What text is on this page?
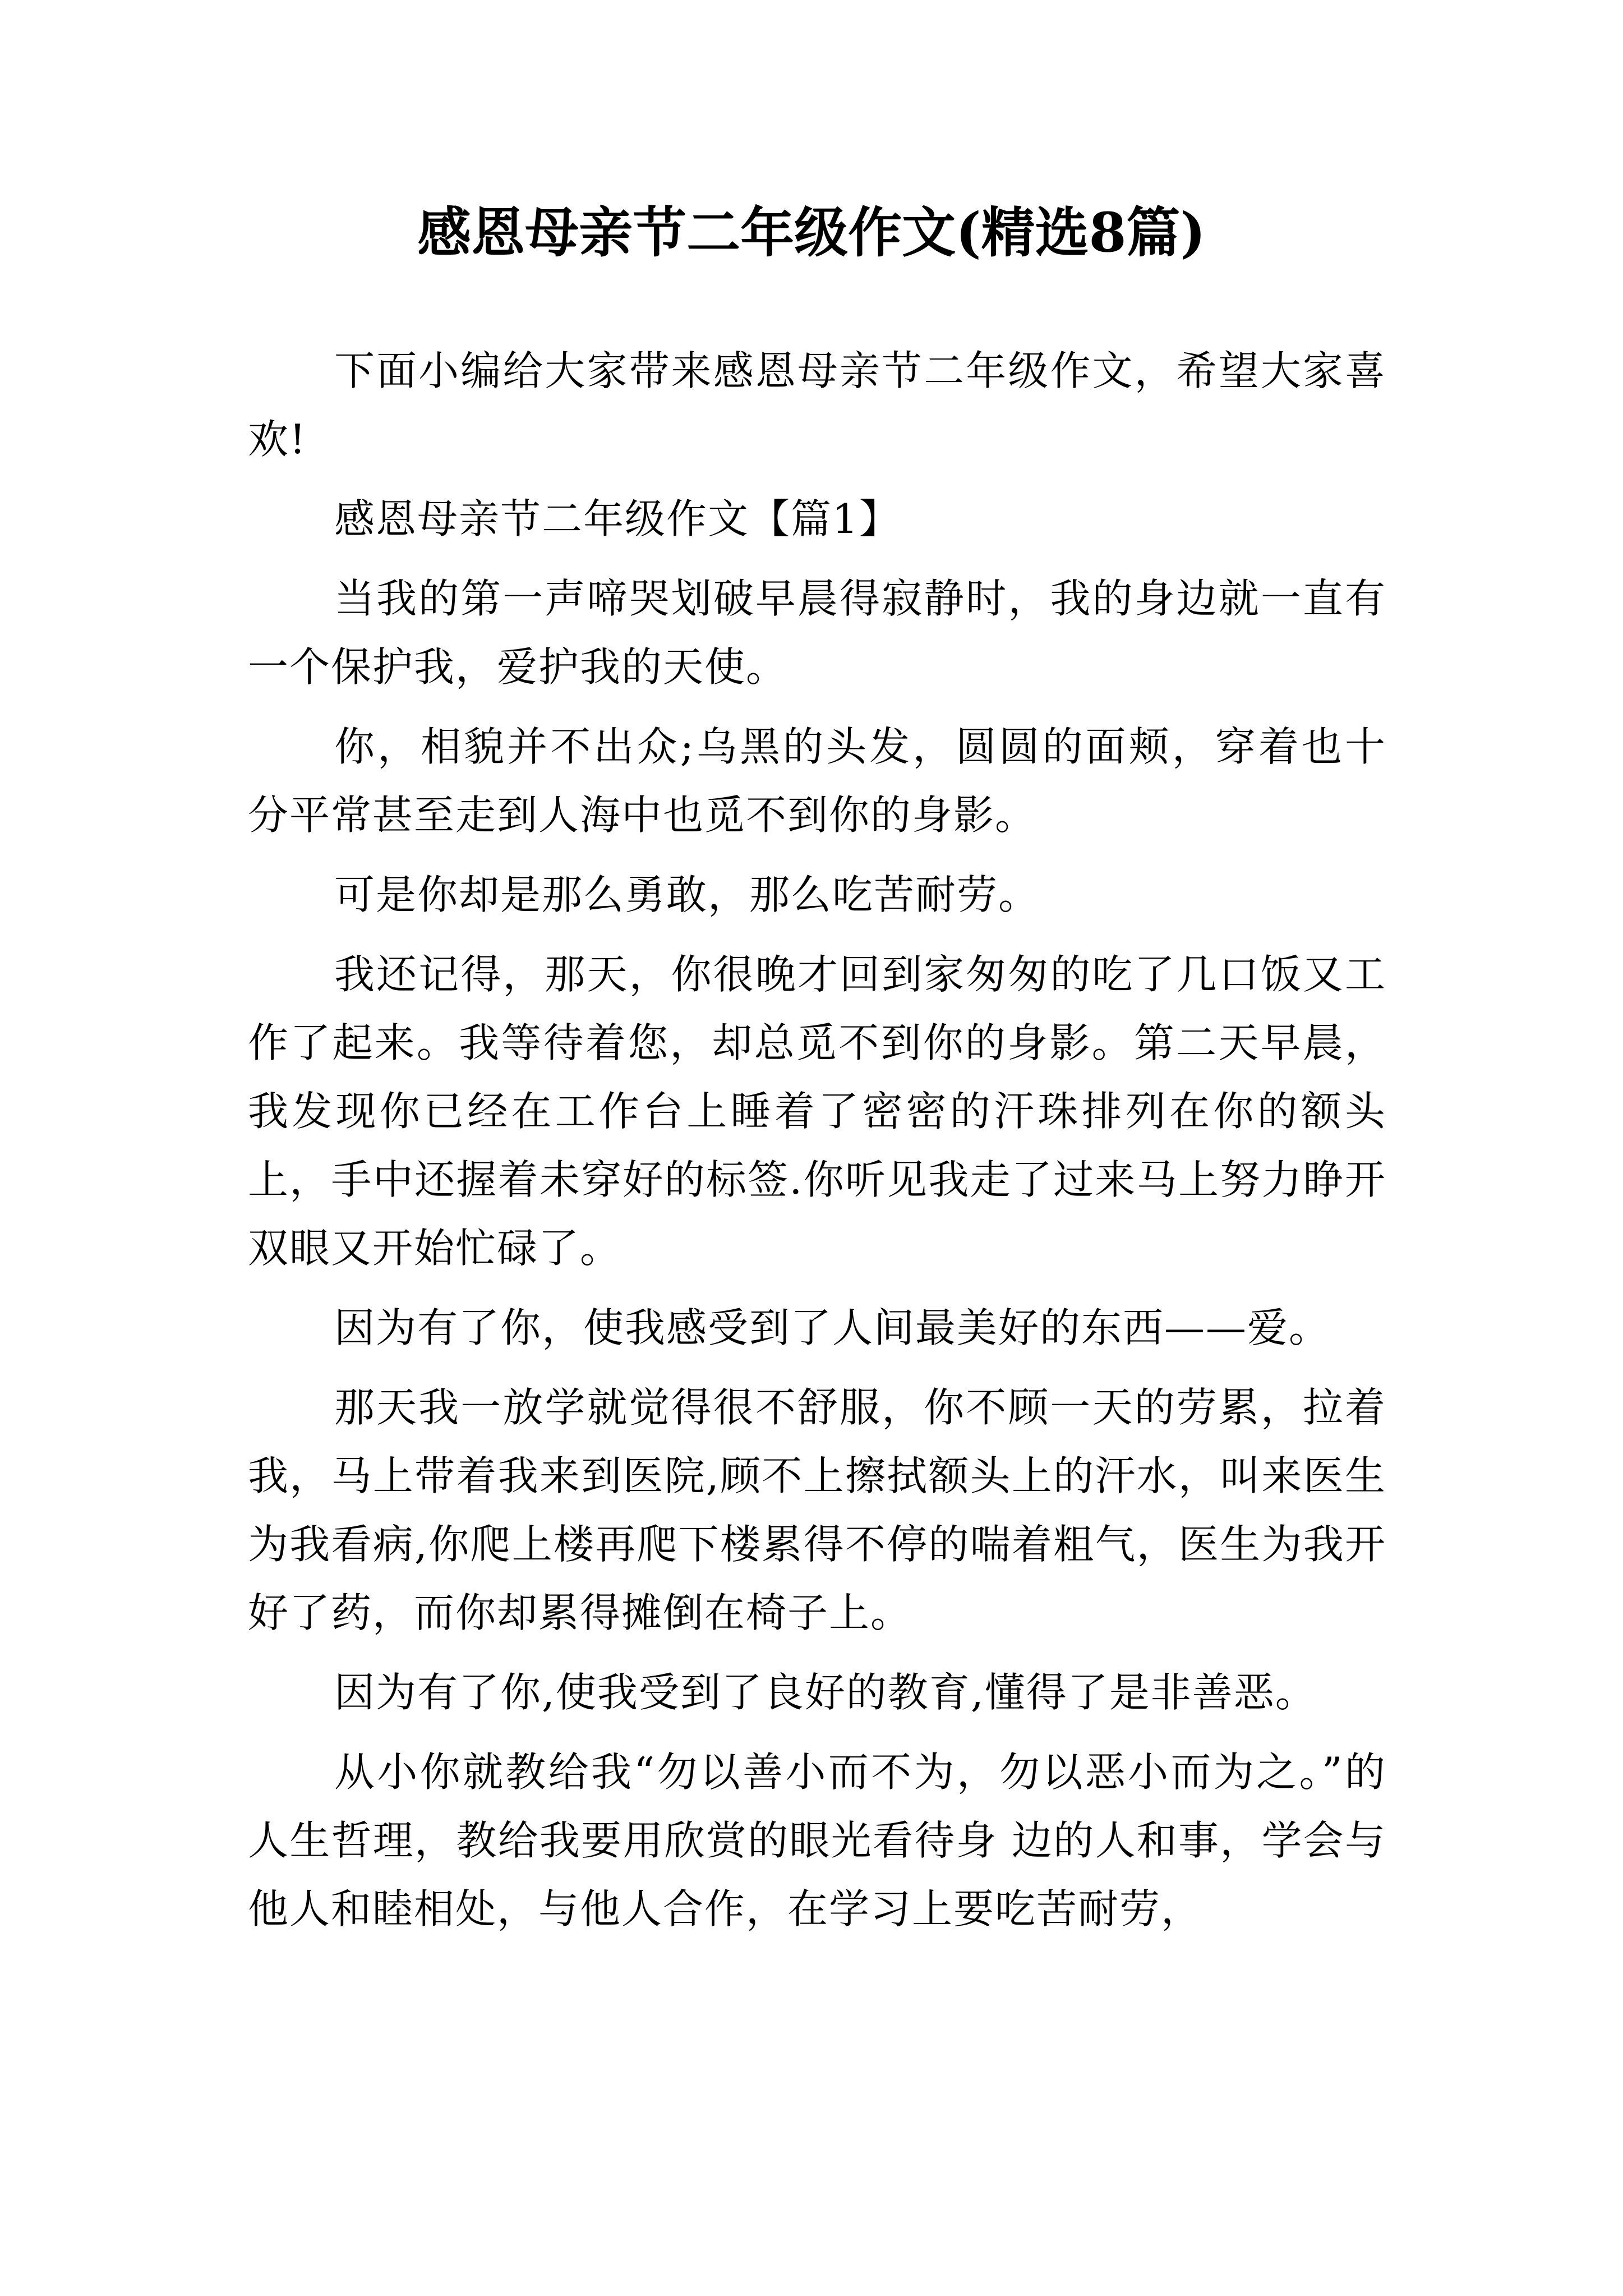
感恩母亲节二年级作文(精选8篇)

下面小编给大家带来感恩母亲节二年级作文，希望大家喜欢!

感恩母亲节二年级作文【篇1】

当我的第一声啼哭划破早晨得寂静时，我的身边就一直有一个保护我，爱护我的天使。

你，相貌并不出众;乌黑的头发，圆圆的面颊，穿着也十分平常甚至走到人海中也觅不到你的身影。

可是你却是那么勇敢，那么吃苦耐劳。

我还记得，那天，你很晚才回到家匆匆的吃了几口饭又工作了起来。我等待着您，却总觅不到你的身影。第二天早晨，我发现你已经在工作台上睡着了密密的汗珠排列在你的额头上，手中还握着未穿好的标签.你听见我走了过来马上努力睁开双眼又开始忙碌了。

因为有了你，使我感受到了人间最美好的东西——爱。

那天我一放学就觉得很不舒服，你不顾一天的劳累，拉着我，马上带着我来到医院,顾不上擦拭额头上的汗水，叫来医生为我看病,你爬上楼再爬下楼累得不停的喘着粗气，医生为我开好了药，而你却累得摊倒在椅子上。

因为有了你,使我受到了良好的教育,懂得了是非善恶。

从小你就教给我“勿以善小而不为，勿以恶小而为之。”的人生哲理，教给我要用欣赏的眼光看待身 边的人和事，学会与他人和睦相处，与他人合作，在学习上要吃苦耐劳，
